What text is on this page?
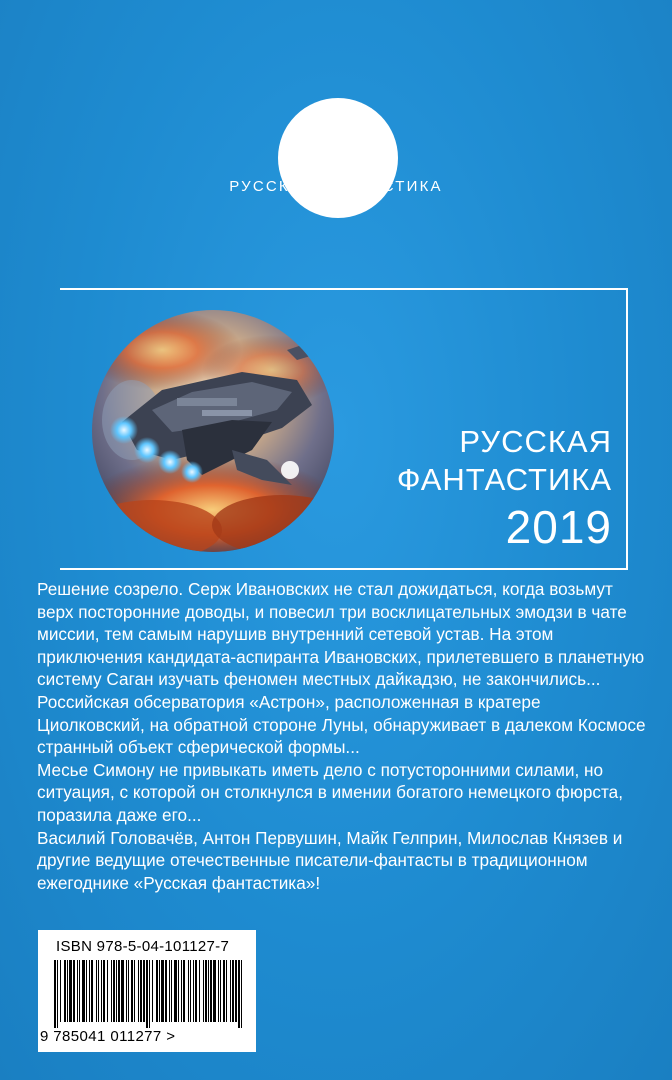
РУССКАЯ ФАНТАСТИКА
РУССКАЯ
ФАНТАСТИКА
2019

Решение созрело. Серж Ивановских не стал дожидаться, когда возьмут верх посторонние доводы, и повесил три восклицательных эмодзи в чате миссии, тем самым нарушив внутренний сетевой устав. На этом приключения кандидата-аспиранта Ивановских, прилетевшего в планетную систему Саган изучать феномен местных дайкадзю, не закончились...

Российская обсерватория «Астрон», расположенная в кратере Циолковский, на обратной стороне Луны, обнаруживает в далеком Космосе странный объект сферической формы...

Месье Симону не привыкать иметь дело с потусторонними силами, но ситуация, с которой он столкнулся в имении богатого немецкого фюрста, поразила даже его...

Василий Головачёв, Антон Первушин, Майк Гелприн, Милослав Князев и другие ведущие отечественные писатели-фантасты в традиционном ежегоднике «Русская фантастика»!

ISBN 978-5-04-101127-7
9 785041 011277 >
